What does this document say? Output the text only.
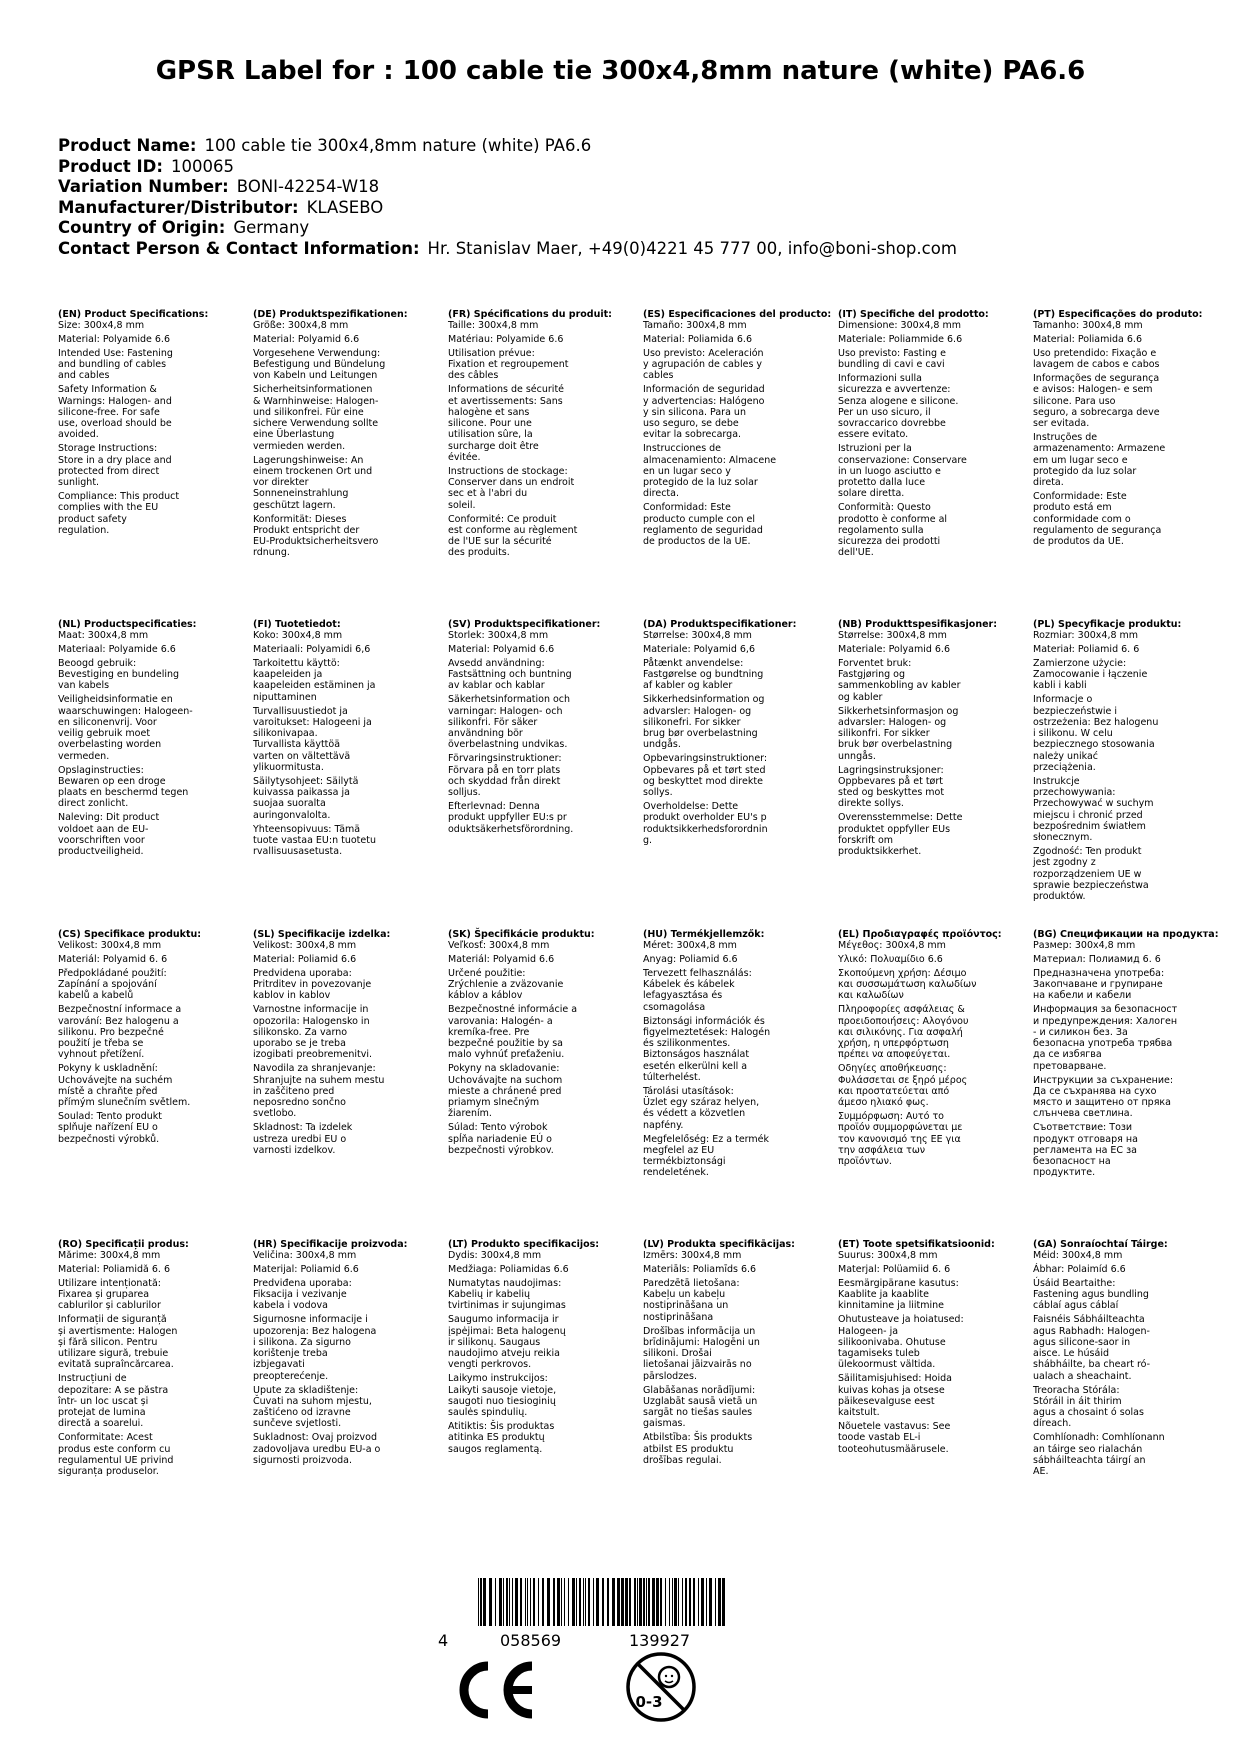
GPSR Label for : 100 cable tie 300x4,8mm nature (white) PA6.6
Product Name: 100 cable tie 300x4,8mm nature (white) PA6.6
Product ID: 100065
Variation Number: BONI-42254-W18
Manufacturer/Distributor: KLASEBO
Country of Origin: Germany
Contact Person & Contact Information: Hr. Stanislav Maer, +49(0)4221 45 777 00, info@boni-shop.com
(EN) Product Specifications:
Size: 300x4,8 mm
Material: Polyamide 6.6
Intended Use: Fastening
and bundling of cables
and cables
Safety Information &
Warnings: Halogen- and
silicone-free. For safe
use, overload should be
avoided.
Storage Instructions:
Store in a dry place and
protected from direct
sunlight.
Compliance: This product
complies with the EU
product safety
regulation.
(DE) Produktspezifikationen:
Größe: 300x4,8 mm
Material: Polyamid 6.6
Vorgesehene Verwendung:
Befestigung und Bündelung
von Kabeln und Leitungen
Sicherheitsinformationen
& Warnhinweise: Halogen-
und silikonfrei. Für eine
sichere Verwendung sollte
eine Überlastung
vermieden werden.
Lagerungshinweise: An
einem trockenen Ort und
vor direkter
Sonneneinstrahlung
geschützt lagern.
Konformität: Dieses
Produkt entspricht der
EU-Produktsicherheitsvero
rdnung.
(FR) Spécifications du produit:
Taille: 300x4,8 mm
Matériau: Polyamide 6.6
Utilisation prévue:
Fixation et regroupement
des câbles
Informations de sécurité
et avertissements: Sans
halogène et sans
silicone. Pour une
utilisation sûre, la
surcharge doit être
évitée.
Instructions de stockage:
Conserver dans un endroit
sec et à l'abri du
soleil.
Conformité: Ce produit
est conforme au règlement
de l'UE sur la sécurité
des produits.
(ES) Especificaciones del producto:
Tamaño: 300x4,8 mm
Material: Poliamida 6.6
Uso previsto: Aceleración
y agrupación de cables y
cables
Información de seguridad
y advertencias: Halógeno
y sin silicona. Para un
uso seguro, se debe
evitar la sobrecarga.
Instrucciones de
almacenamiento: Almacene
en un lugar seco y
protegido de la luz solar
directa.
Conformidad: Este
producto cumple con el
reglamento de seguridad
de productos de la UE.
(IT) Specifiche del prodotto:
Dimensione: 300x4,8 mm
Materiale: Poliammide 6.6
Uso previsto: Fasting e
bundling di cavi e cavi
Informazioni sulla
sicurezza e avvertenze:
Senza alogene e silicone.
Per un uso sicuro, il
sovraccarico dovrebbe
essere evitato.
Istruzioni per la
conservazione: Conservare
in un luogo asciutto e
protetto dalla luce
solare diretta.
Conformità: Questo
prodotto è conforme al
regolamento sulla
sicurezza dei prodotti
dell'UE.
(PT) Especificações do produto:
Tamanho: 300x4,8 mm
Material: Poliamida 6.6
Uso pretendido: Fixação e
lavagem de cabos e cabos
Informações de segurança
e avisos: Halogen- e sem
silicone. Para uso
seguro, a sobrecarga deve
ser evitada.
Instruções de
armazenamento: Armazene
em um lugar seco e
protegido da luz solar
direta.
Conformidade: Este
produto está em
conformidade com o
regulamento de segurança
de produtos da UE.
(NL) Productspecificaties:
Maat: 300x4,8 mm
Materiaal: Polyamide 6.6
Beoogd gebruik:
Bevestiging en bundeling
van kabels
Veiligheidsinformatie en
waarschuwingen: Halogeen-
en siliconenvrij. Voor
veilig gebruik moet
overbelasting worden
vermeden.
Opslaginstructies:
Bewaren op een droge
plaats en beschermd tegen
direct zonlicht.
Naleving: Dit product
voldoet aan de EU-
voorschriften voor
productveiligheid.
(FI) Tuotetiedot:
Koko: 300x4,8 mm
Materiaali: Polyamidi 6,6
Tarkoitettu käyttö:
kaapeleiden ja
kaapeleiden estäminen ja
niputtaminen
Turvallisuustiedot ja
varoitukset: Halogeeni ja
silikonivapaa.
Turvallista käyttöä
varten on vältettävä
ylikuormitusta.
Säilytysohjeet: Säilytä
kuivassa paikassa ja
suojaa suoralta
auringonvalolta.
Yhteensopivuus: Tämä
tuote vastaa EU:n tuotetu
rvallisuusasetusta.
(SV) Produktspecifikationer:
Storlek: 300x4,8 mm
Material: Polyamid 6.6
Avsedd användning:
Fastsättning och buntning
av kablar och kablar
Säkerhetsinformation och
varningar: Halogen- och
silikonfri. För säker
användning bör
överbelastning undvikas.
Förvaringsinstruktioner:
Förvara på en torr plats
och skyddad från direkt
solljus.
Efterlevnad: Denna
produkt uppfyller EU:s pr
oduktsäkerhetsförordning.
(DA) Produktspecifikationer:
Størrelse: 300x4,8 mm
Materiale: Polyamid 6,6
Påtænkt anvendelse:
Fastgørelse og bundtning
af kabler og kabler
Sikkerhedsinformation og
advarsler: Halogen- og
silikonefri. For sikker
brug bør overbelastning
undgås.
Opbevaringsinstruktioner:
Opbevares på et tørt sted
og beskyttet mod direkte
sollys.
Overholdelse: Dette
produkt overholder EU's p
roduktsikkerhedsforordnin
g.
(NB) Produkttspesifikasjoner:
Størrelse: 300x4,8 mm
Materiale: Polyamid 6.6
Forventet bruk:
Fastgjøring og
sammenkobling av kabler
og kabler
Sikkerhetsinformasjon og
advarsler: Halogen- og
silikonfri. For sikker
bruk bør overbelastning
unngås.
Lagringsinstruksjoner:
Oppbevares på et tørt
sted og beskyttes mot
direkte sollys.
Overensstemmelse: Dette
produktet oppfyller EUs
forskrift om
produktsikkerhet.
(PL) Specyfikacje produktu:
Rozmiar: 300x4,8 mm
Materiał: Poliamid 6. 6
Zamierzone użycie:
Zamocowanie i łączenie
kabli i kabli
Informacje o
bezpieczeństwie i
ostrzeżenia: Bez halogenu
i silikonu. W celu
bezpiecznego stosowania
należy unikać
przeciążenia.
Instrukcje
przechowywania:
Przechowywać w suchym
miejscu i chronić przed
bezpośrednim światłem
słonecznym.
Zgodność: Ten produkt
jest zgodny z
rozporządzeniem UE w
sprawie bezpieczeństwa
produktów.
(CS) Specifikace produktu:
Velikost: 300x4,8 mm
Materiál: Polyamid 6. 6
Předpokládané použití:
Zapínání a spojování
kabelů a kabelů
Bezpečnostní informace a
varování: Bez halogenu a
silikonu. Pro bezpečné
použití je třeba se
vyhnout přetížení.
Pokyny k uskladnění:
Uchovávejte na suchém
místě a chraňte před
přímým slunečním světlem.
Soulad: Tento produkt
splňuje nařízení EU o
bezpečnosti výrobků.
(SL) Specifikacije izdelka:
Velikost: 300x4,8 mm
Material: Poliamid 6.6
Predvidena uporaba:
Pritrditev in povezovanje
kablov in kablov
Varnostne informacije in
opozorila: Halogensko in
silikonsko. Za varno
uporabo se je treba
izogibati preobremenitvi.
Navodila za shranjevanje:
Shranjujte na suhem mestu
in zaščiteno pred
neposredno sončno
svetlobo.
Skladnost: Ta izdelek
ustreza uredbi EU o
varnosti izdelkov.
(SK) Špecifikácie produktu:
Veľkosť: 300x4,8 mm
Materiál: Polyamid 6.6
Určené použitie:
Zrýchlenie a zväzovanie
káblov a káblov
Bezpečnostné informácie a
varovania: Halogén- a
kremíka-free. Pre
bezpečné použitie by sa
malo vyhnúť preťaženiu.
Pokyny na skladovanie:
Uchovávajte na suchom
mieste a chránené pred
priamym slnečným
žiarením.
Súlad: Tento výrobok
spĺňa nariadenie EÚ o
bezpečnosti výrobkov.
(HU) Termékjellemzők:
Méret: 300x4,8 mm
Anyag: Poliamid 6.6
Tervezett felhasználás:
Kábelek és kábelek
lefagyasztása és
csomagolása
Biztonsági információk és
figyelmeztetések: Halogén
és szilikonmentes.
Biztonságos használat
esetén elkerülni kell a
túlterhelést.
Tárolási utasítások:
Üzlet egy száraz helyen,
és védett a közvetlen
napfény.
Megfelelőség: Ez a termék
megfelel az EU
termékbiztonsági
rendeletének.
(EL) Προδιαγραφές προϊόντος:
Μέγεθος: 300x4,8 mm
Υλικό: Πολυαμίδιο 6.6
Σκοπούμενη χρήση: Δέσιμο
και συσσωμάτωση καλωδίων
και καλωδίων
Πληροφορίες ασφάλειας &
προειδοποιήσεις: Αλογόνου
και σιλικόνης. Για ασφαλή
χρήση, η υπερφόρτωση
πρέπει να αποφεύγεται.
Οδηγίες αποθήκευσης:
Φυλάσσεται σε ξηρό μέρος
και προστατεύεται από
άμεσο ηλιακό φως.
Συμμόρφωση: Αυτό το
προϊόν συμμορφώνεται με
τον κανονισμό της ΕΕ για
την ασφάλεια των
προϊόντων.
(BG) Спецификации на продукта:
Размер: 300x4,8 mm
Материал: Полиамид 6. 6
Предназначена употреба:
Закопчаване и групиране
на кабели и кабели
Информация за безопасност
и предупреждения: Халоген
- и силикон без. За
безопасна употреба трябва
да се избягва
претоварване.
Инструкции за съхранение:
Да се съхранява на сухо
място и защитено от пряка
слънчева светлина.
Съответствие: Този
продукт отговаря на
регламента на ЕС за
безопасност на
продуктите.
(RO) Specificații produs:
Mărime: 300x4,8 mm
Material: Poliamidă 6. 6
Utilizare intenționată:
Fixarea și gruparea
cablurilor și cablurilor
Informații de siguranță
și avertismente: Halogen
și fără silicon. Pentru
utilizare sigură, trebuie
evitată supraîncărcarea.
Instrucțiuni de
depozitare: A se păstra
într- un loc uscat și
protejat de lumina
directă a soarelui.
Conformitate: Acest
produs este conform cu
regulamentul UE privind
siguranța produselor.
(HR) Specifikacije proizvoda:
Veličina: 300x4,8 mm
Materijal: Poliamid 6.6
Predviđena uporaba:
Fiksacija i vezivanje
kabela i vodova
Sigurnosne informacije i
upozorenja: Bez halogena
i silikona. Za sigurno
korištenje treba
izbjegavati
preopterećenje.
Upute za skladištenje:
Čuvati na suhom mjestu,
zaštićeno od izravne
sunčeve svjetlosti.
Sukladnost: Ovaj proizvod
zadovoljava uredbu EU-a o
sigurnosti proizvoda.
(LT) Produkto specifikacijos:
Dydis: 300x4,8 mm
Medžiaga: Poliamidas 6.6
Numatytas naudojimas:
Kabelių ir kabelių
tvirtinimas ir sujungimas
Saugumo informacija ir
įspėjimai: Beta halogenų
ir silikonų. Saugaus
naudojimo atveju reikia
vengti perkrovos.
Laikymo instrukcijos:
Laikyti sausoje vietoje,
saugoti nuo tiesioginių
saulės spindulių.
Atitiktis: Šis produktas
atitinka ES produktų
saugos reglamentą.
(LV) Produkta specifikācijas:
Izmērs: 300x4,8 mm
Materiāls: Poliamīds 6.6
Paredzētā lietošana:
Kabeļu un kabeļu
nostiprināšana un
nostiprināšana
Drošības informācija un
brīdinājumi: Halogēni un
silikoni. Drošai
lietošanai jāizvairās no
pārslodzes.
Glabāšanas norādījumi:
Uzglabāt sausā vietā un
sargāt no tiešas saules
gaismas.
Atbilstība: Šis produkts
atbilst ES produktu
drošības regulai.
(ET) Toote spetsifikatsioonid:
Suurus: 300x4,8 mm
Materjal: Polüamiid 6. 6
Eesmärgipärane kasutus:
Kaablite ja kaablite
kinnitamine ja liitmine
Ohutusteave ja hoiatused:
Halogeen- ja
silikoonivaba. Ohutuse
tagamiseks tuleb
ülekoormust vältida.
Säilitamisjuhised: Hoida
kuivas kohas ja otsese
päikesevalguse eest
kaitstult.
Nõuetele vastavus: See
toode vastab EL-i
tooteohutusmäärusele.
(GA) Sonraíochtaí Táirge:
Méid: 300x4,8 mm
Ábhar: Polaimíd 6.6
Úsáid Beartaithe:
Fastening agus bundling
cáblaí agus cáblaí
Faisnéis Sábháilteachta
agus Rabhadh: Halogen-
agus silicone-saor in
aisce. Le húsáid
shábháilte, ba cheart ró-
ualach a sheachaint.
Treoracha Stórála:
Stóráil in áit thirim
agus a chosaint ó solas
díreach.
Comhlíonadh: Comhlíonann
an táirge seo rialachán
sábháilteachta táirgí an
AE.
4	058569	139927
0-3
